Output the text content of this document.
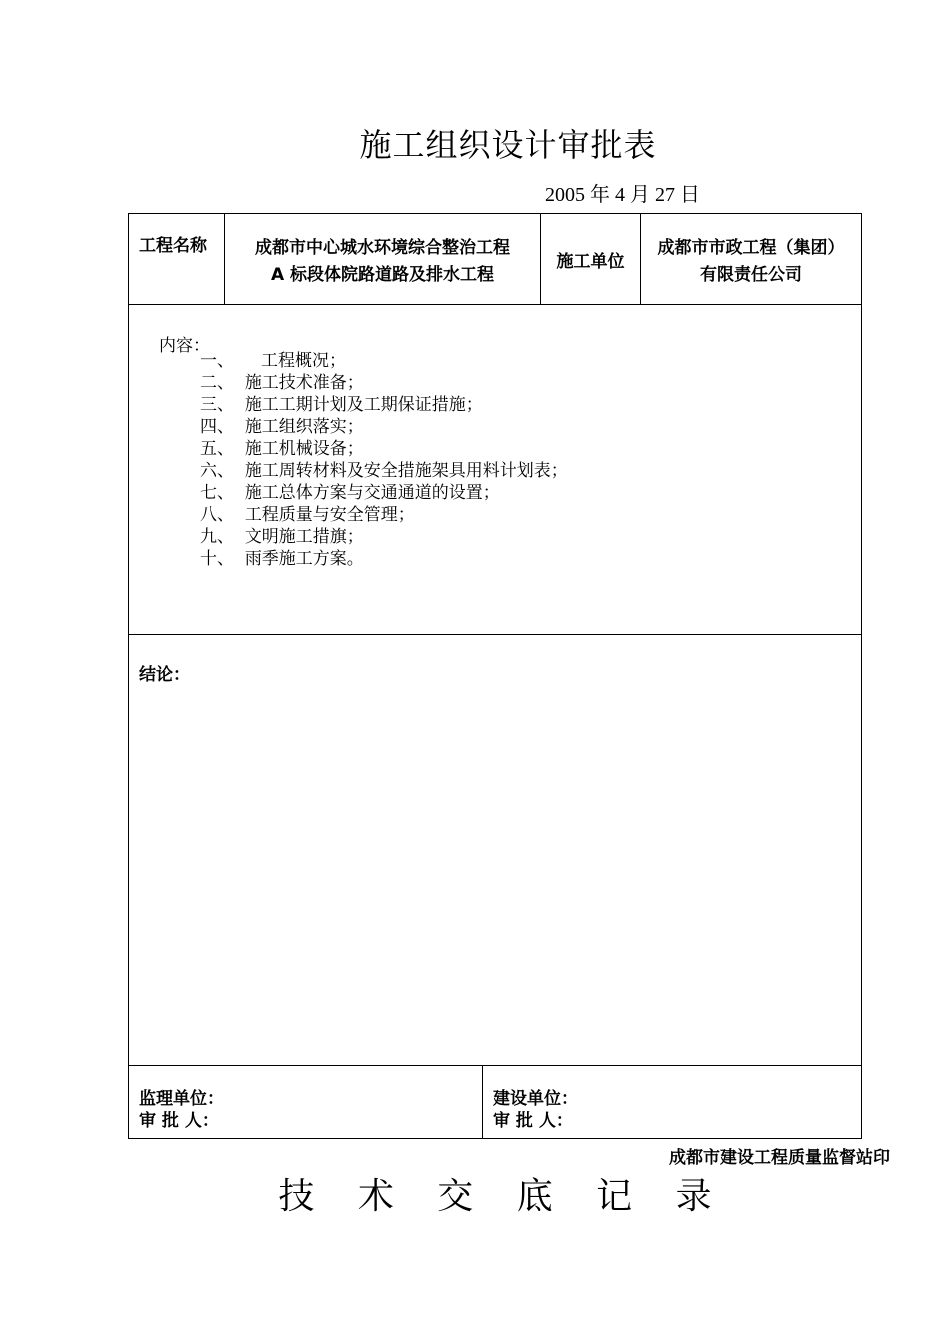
施工组织设计审批表
2005 年 4 月 27 日
工程名称	成都市中心城水环境综合整治工程
A 标段体院路道路及排水工程
施工单位
成都市市政工程（集团）
有限责任公司
内容：
一、     工程概况；
二、 施工技术准备；
三、 施工工期计划及工期保证措施；
四、 施工组织落实；
五、 施工机械设备；
六、 施工周转材料及安全措施架具用料计划表；
七、 施工总体方案与交通通道的设置；
八、 工程质量与安全管理；
九、 文明施工措旗；
十、 雨季施工方案。
结论：
监理单位：
审 批 人：
建设单位：
审 批 人：
成都市建设工程质量监督站印
技 术 交 底 记 录
